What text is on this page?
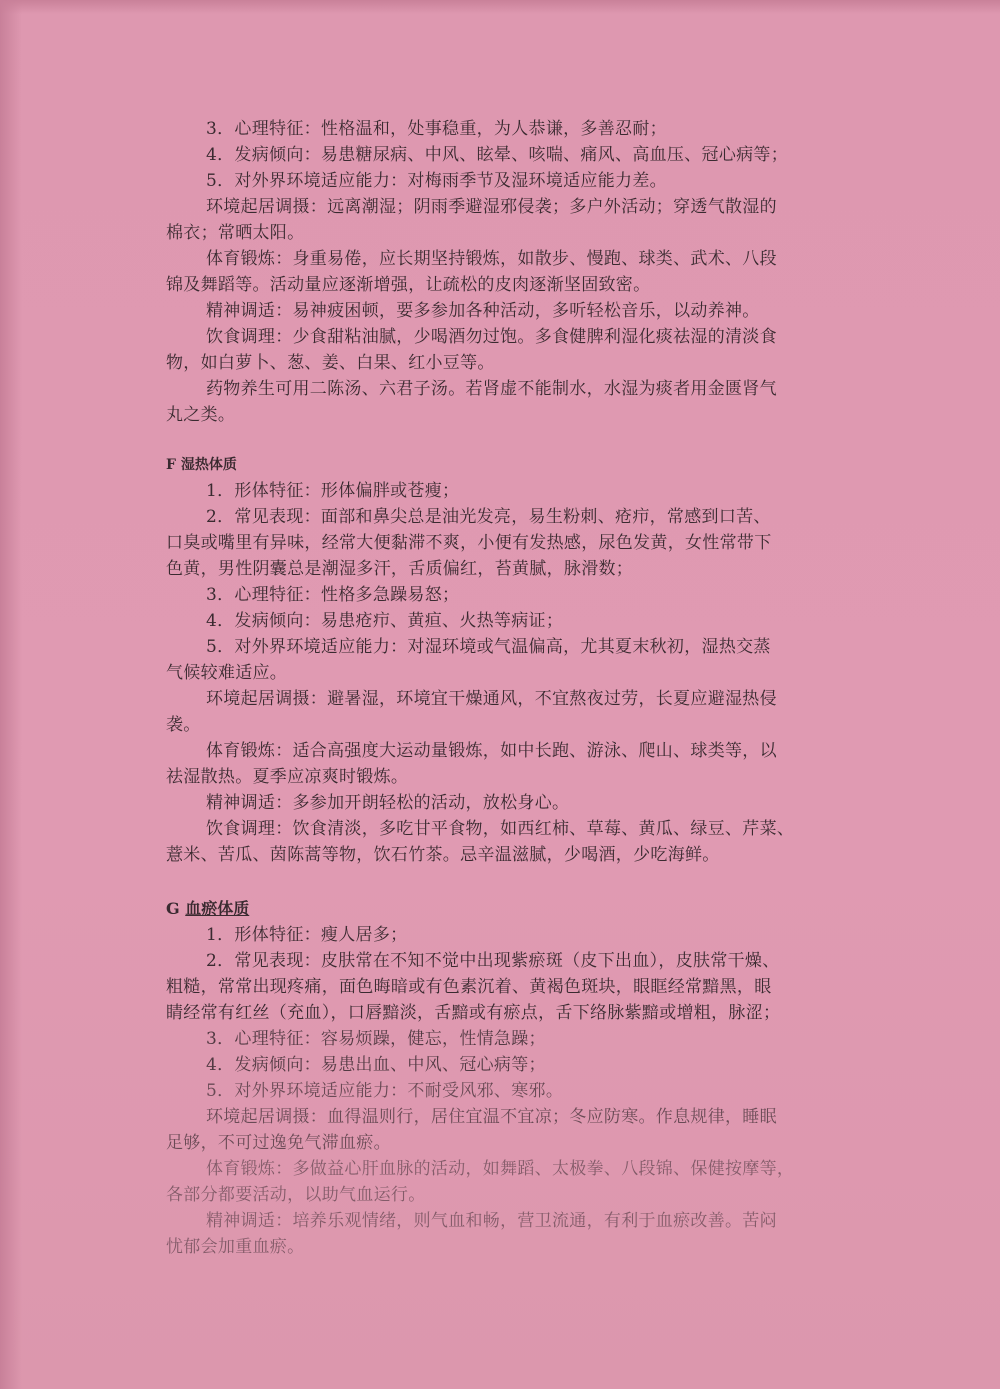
3．心理特征：性格温和，处事稳重，为人恭谦，多善忍耐；
4．发病倾向：易患糖尿病、中风、眩晕、咳喘、痛风、高血压、冠心病等；
5．对外界环境适应能力：对梅雨季节及湿环境适应能力差。
环境起居调摄：远离潮湿；阴雨季避湿邪侵袭；多户外活动；穿透气散湿的
棉衣；常晒太阳。
体育锻炼：身重易倦，应长期坚持锻炼，如散步、慢跑、球类、武术、八段
锦及舞蹈等。活动量应逐渐增强，让疏松的皮肉逐渐坚固致密。
精神调适：易神疲困顿，要多参加各种活动，多听轻松音乐，以动养神。
饮食调理：少食甜粘油腻，少喝酒勿过饱。多食健脾利湿化痰祛湿的清淡食
物，如白萝卜、葱、姜、白果、红小豆等。
药物养生可用二陈汤、六君子汤。若肾虚不能制水，水湿为痰者用金匮肾气
丸之类。
F 湿热体质
1．形体特征：形体偏胖或苍瘦；
2．常见表现：面部和鼻尖总是油光发亮，易生粉刺、疮疖，常感到口苦、
口臭或嘴里有异味，经常大便黏滞不爽，小便有发热感，尿色发黄，女性常带下
色黄，男性阴囊总是潮湿多汗，舌质偏红，苔黄腻，脉滑数；
3．心理特征：性格多急躁易怒；
4．发病倾向：易患疮疖、黄疸、火热等病证；
5．对外界环境适应能力：对湿环境或气温偏高，尤其夏末秋初，湿热交蒸
气候较难适应。
环境起居调摄：避暑湿，环境宜干燥通风，不宜熬夜过劳，长夏应避湿热侵
袭。
体育锻炼：适合高强度大运动量锻炼，如中长跑、游泳、爬山、球类等，以
祛湿散热。夏季应凉爽时锻炼。
精神调适：多参加开朗轻松的活动，放松身心。
饮食调理：饮食清淡，多吃甘平食物，如西红柿、草莓、黄瓜、绿豆、芹菜、
薏米、苦瓜、茵陈蒿等物，饮石竹茶。忌辛温滋腻，少喝酒，少吃海鲜。
G 血瘀体质
1．形体特征：瘦人居多；
2．常见表现：皮肤常在不知不觉中出现紫瘀斑（皮下出血），皮肤常干燥、
粗糙，常常出现疼痛，面色晦暗或有色素沉着、黄褐色斑块，眼眶经常黯黑，眼
睛经常有红丝（充血），口唇黯淡，舌黯或有瘀点，舌下络脉紫黯或增粗，脉涩；
3．心理特征：容易烦躁，健忘，性情急躁；
4．发病倾向：易患出血、中风、冠心病等；
5．对外界环境适应能力：不耐受风邪、寒邪。
环境起居调摄：血得温则行，居住宜温不宜凉；冬应防寒。作息规律，睡眠
足够，不可过逸免气滞血瘀。
体育锻炼：多做益心肝血脉的活动，如舞蹈、太极拳、八段锦、保健按摩等，
各部分都要活动，以助气血运行。
精神调适：培养乐观情绪，则气血和畅，营卫流通，有利于血瘀改善。苦闷
忧郁会加重血瘀。
